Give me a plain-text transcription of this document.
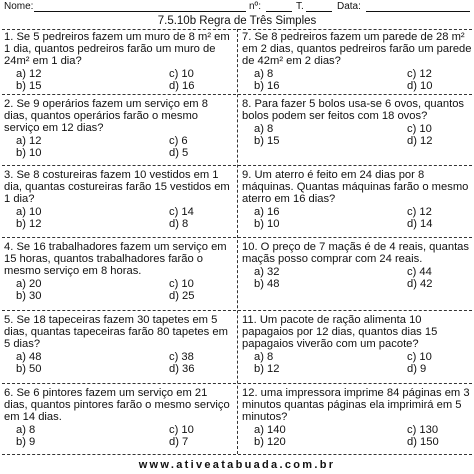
Nome:	nº:	T.	Data:
7.5.10b Regra de Três Simples

1. Se 5 pedreiros fazem um muro de 8 m² em 1 dia, quantos pedreiros farão um muro de 24m² em 1 dia?

a) 12	c) 10
b) 15	d) 16

7. Se 8 pedreiros fazem um parede de 28 m² em 2 dias, quantos pedreiros farão um parede de 42m² em 2 dias?

a) 8	c) 12
b) 16	d) 10

2. Se 9 operários fazem um serviço em 8 dias, quantos operários farão o mesmo serviço em 12 dias?

a) 12	c) 6
b) 10	d) 5

8. Para fazer 5 bolos usa-se 6 ovos, quantos bolos podem ser feitos com 18 ovos?

a) 8	c) 10
b) 15	d) 12

3. Se 8 costureiras fazem 10 vestidos em 1 dia, quantas costureiras farão 15 vestidos em 1 dia?

a) 10	c) 14
b) 12	d) 8

9. Um aterro é feito em 24 dias por 8 máquinas. Quantas máquinas farão o mesmo aterro em 16 dias?

a) 16	c) 12
b) 10	d) 14

4. Se 16 trabalhadores fazem um serviço em 15 horas, quantos trabalhadores farão o mesmo serviço em 8 horas.

a) 20	c) 10
b) 30	d) 25

10. O preço de 7 maçãs é de 4 reais, quantas maçãs posso comprar com 24 reais.

a) 32	c) 44
b) 48	d) 42

5. Se 18 tapeceiras fazem 30 tapetes em 5 dias, quantas tapeceiras farão 80 tapetes em 5 dias?

a) 48	c) 38
b) 50	d) 36

11. Um pacote de ração alimenta 10 papagaios por 12 dias, quantos dias 15 papagaios viverão com um pacote?

a) 8	c) 10
b) 12	d) 9

6. Se 6 pintores fazem um serviço em 21 dias, quantos pintores farão o mesmo serviço em 14 dias.

a) 8	c) 10
b) 9	d) 7

12. uma impressora imprime 84 páginas em 3 minutos quantas páginas ela imprimirá em 5 minutos?

a) 140	c) 130
b) 120	d) 150
www.ativeatabuada.com.br
